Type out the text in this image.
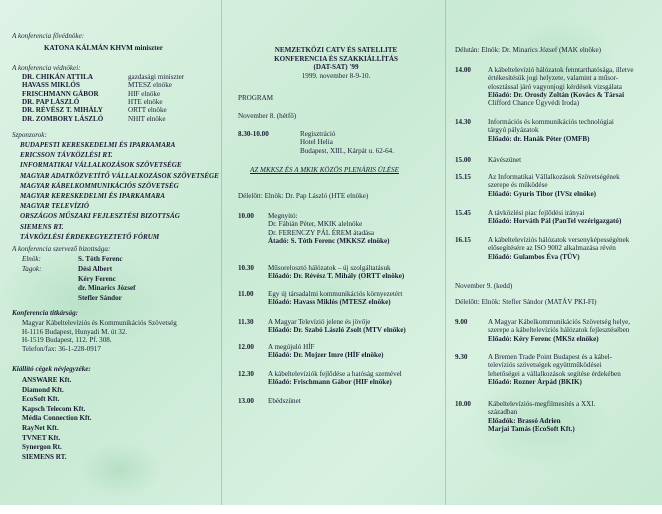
A konferencia fővédnöke:
KATONA KÁLMÁN KHVM miniszter
A konferencia védnökei:
DR. CHIKÁN ATTILA	gazdasági miniszter
HAVASS MIKLÓS	MTESZ elnöke
FRISCHMANN GÁBOR	HIF elnöke
DR. PAP LÁSZLÓ	HTE elnöke
DR. RÉVÉSZ T. MIHÁLY	ORTT elnöke
DR. ZOMBORY LÁSZLÓ	NHIT elnöke
Szponzorok:
BUDAPESTI KERESKEDELMI ÉS IPARKAMARA
ERICSSON TÁVKÖZLÉSI RT.
INFORMATIKAI VÁLLALKOZÁSOK SZÖVETSÉGE
MAGYAR ADATKÖZVETÍTŐ VÁLLALKOZÁSOK SZÖVETSÉGE
MAGYAR KÁBELKOMMUNIKÁCIÓS SZÖVETSÉG
MAGYAR KERESKEDELMI ÉS IPARKAMARA
MAGYAR TELEVÍZIÓ
ORSZÁGOS MŰSZAKI FEJLESZTÉSI BIZOTTSÁG
SIEMENS RT.
TÁVKÖZLÉSI ÉRDEKEGYEZTETŐ FÓRUM
A konferencia szervező bizottsága:
Elnök:	S. Tóth Ferenc
Tagok:	Dési Albert
Kéry Ferenc
dr. Minarics József
Stefler Sándor
Konferencia titkárság:
Magyar Kábeltelevíziós és Kommunikációs Szövetség
H-1116 Budapest, Hunyadi M. út 32.
H-1519 Budapest, 112. Pf. 308.
Telefon/fax: 36-1-228-0917
Kiállító cégek névjegyzéke:
ANSWARE Kft.
Diamond Kft.
EcoSoft Kft.
Kapsch Telecom Kft.
Média Connection Kft.
RayNet Kft.
TVNET Kft.
Synergon Rt.
SIEMENS RT.
NEMZETKÖZI CATV ÉS SATELLITE
KONFERENCIA ÉS SZAKKIÁLLÍTÁS
(DAT-SAT) '99
1999. november 8-9-10.
PROGRAM
November 8. (hétfő)
8.30-10.00	Regisztráció
Hotel Helia
Budapest, XIII., Kárpát u. 62-64.
AZ MKKSZ ÉS A MKIK KÖZÖS PLENÁRIS ÜLÉSE
Délelőtt: Elnök: Dr. Pap László (HTE elnöke)
10.00 Megnyitó:
Dr. Fábián Péter, MKIK alelnöke
Dr. FERENCZY PÁL ÉREM átadása
Átadó: S. Tóth Ferenc (MKKSZ elnöke)
10.30 Műsorelosztó hálózatok – új szolgáltatásuk
Előadó: Dr. Révész T. Mihály (ORTT elnöke)
11.00 Egy új társadalmi kommunikációs környezetért
Előadó: Havass Miklós (MTESZ elnöke)
11.30 A Magyar Televízió jelene és jövője
Előadó: Dr. Szabó László Zsolt (MTV elnöke)
12.00 A megújuló HÍF
Előadó: Dr. Mojzer Imre (HÍF elnöke)
12.30 A kábeltelevíziók fejlődése a hatóság szemével
Előadó: Frischmann Gábor (HIF elnöke)
13.00 Ebédszünet
Délután: Elnök: Dr. Minarics József (MAK elnöke)
14.00 A kábeltelevízió hálózatok fenntarthatósága, illetve
értékesítésük jogi helyzete, valamint a műsor-
elosztással járó vagyonjogi kérdések vizsgálata
Előadó: Dr. Orosdy Zoltán (Kovács & Társai
Clifford Chance Ügyvédi Iroda)
14.30 Információs és kommunikációs technológiai
tárgyú pályázatok
Előadó: dr. Hanák Péter (OMFB)
15.00 Kávészünet
15.15 Az Informatikai Vállalkozások Szövetségének
szerepe és működése
Előadó: Gyuris Tibor (IVSz elnöke)
15.45 A távközlési piac fejlődési irányai
Előadó: Horváth Pál (PanTel vezérigazgató)
16.15 A kábeltelevíziós hálózatok versenyképességének
elősegítésére az ISO 9002 alkalmazása révén
Előadó: Gulambos Éva (TÜV)
November 9. (kedd)
Délelőtt: Elnök: Stefler Sándor (MATÁV PKI-FI)
9.00	A Magyar Kábelkommunikációs Szövetség helye,
szerepe a kábeltelevíziós hálózatok fejlesztésében
Előadó: Kéry Ferenc (MKSz elnöke)
9.30	A Bremen Trade Point Budapest és a kábel-
televíziós szövetségek együttműködései
lehetőségei a vállalkozások segítése érdekében
Előadó: Rozner Árpád (BKIK)
10.00 Kábeltelevíziós-megfilmesítés a XXI.
században
Előadók: Brassó Adrien
Marjai Tamás (EcoSoft Kft.)
